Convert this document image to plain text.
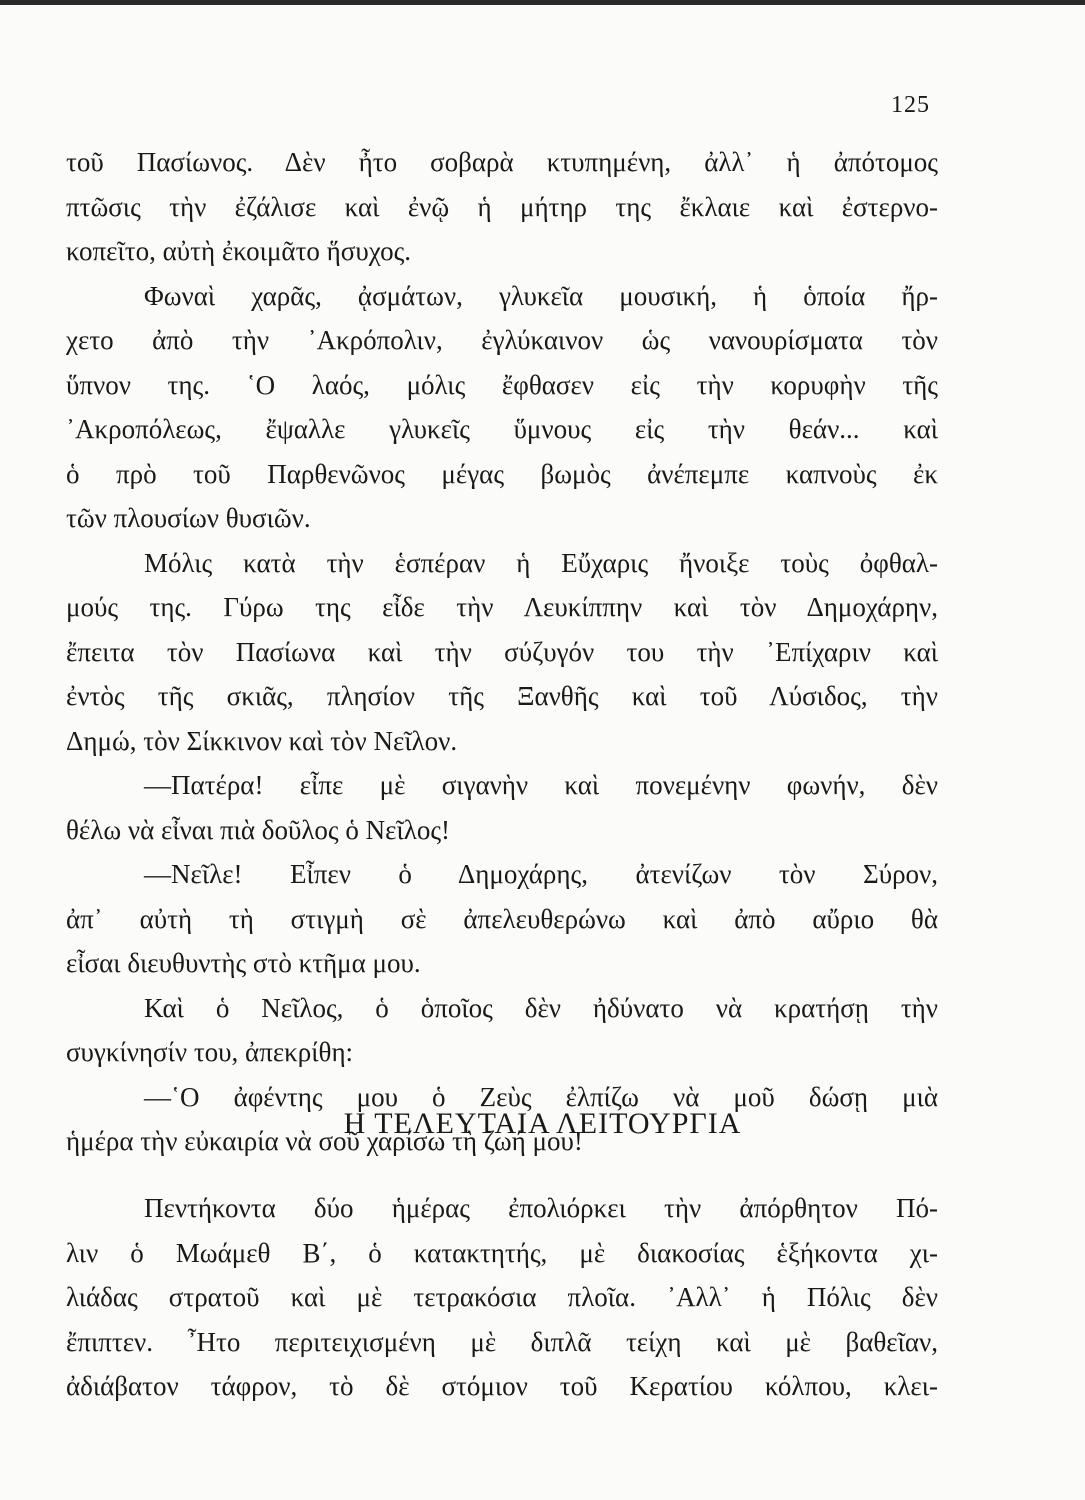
125
τοῦ Πασίωνος. Δὲν ἦτο σοβαρὰ κτυπημένη, ἀλλ᾽ ἡ ἀπότομος
πτῶσις τὴν ἐζάλισε καὶ ἐνῷ ἡ μήτηρ της ἔκλαιε καὶ ἐστερνο-
κοπεῖτο, αὐτὴ ἐκοιμᾶτο ἥσυχος.
Φωναὶ χαρᾶς, ᾀσμάτων, γλυκεῖα μουσική, ἡ ὁποία ἤρ-
χετο ἀπὸ τὴν ᾽Ακρόπολιν, ἐγλύκαινον ὡς νανουρίσματα τὸν
ὕπνον της. ῾Ο λαός, μόλις ἔφθασεν εἰς τὴν κορυφὴν τῆς
᾽Ακροπόλεως, ἔψαλλε γλυκεῖς ὕμνους εἰς τὴν θεάν... καὶ
ὁ πρὸ τοῦ Παρθενῶνος μέγας βωμὸς ἀνέπεμπε καπνοὺς ἐκ
τῶν πλουσίων θυσιῶν.
Μόλις κατὰ τὴν ἑσπέραν ἡ Εὔχαρις ἤνοιξε τοὺς ὀφθαλ-
μούς της. Γύρω της εἶδε τὴν Λευκίππην καὶ τὸν Δημοχάρην,
ἔπειτα τὸν Πασίωνα καὶ τὴν σύζυγόν του τὴν ᾽Επίχαριν καὶ
ἐντὸς τῆς σκιᾶς, πλησίον τῆς Ξανθῆς καὶ τοῦ Λύσιδος, τὴν
Δημώ, τὸν Σίκκινον καὶ τὸν Νεῖλον.
—Πατέρα! εἶπε μὲ σιγανὴν καὶ πονεμένην φωνήν, δὲν
θέλω νὰ εἶναι πιὰ δοῦλος ὁ Νεῖλος!
—Νεῖλε! Εἶπεν ὁ Δημοχάρης, ἀτενίζων τὸν Σύρον,
ἀπ᾽ αὐτὴ τὴ στιγμὴ σὲ ἀπελευθερώνω καὶ ἀπὸ αὔριο θὰ
εἶσαι διευθυντὴς στὸ κτῆμα μου.
Καὶ ὁ Νεῖλος, ὁ ὁποῖος δὲν ἠδύνατο νὰ κρατήσῃ τὴν
συγκίνησίν του, ἀπεκρίθη:
—῾Ο ἀφέντης μου ὁ Ζεὺς ἐλπίζω νὰ μοῦ δώσῃ μιὰ
ἡμέρα τὴν εὐκαιρία νὰ σοῦ χαρίσω τὴ ζωή μου!
Η ΤΕΛΕΥΤΑΙΑ ΛΕΙΤΟΥΡΓΙΑ
Πεντήκοντα δύο ἡμέρας ἐπολιόρκει τὴν ἀπόρθητον Πό-
λιν ὁ Μωάμεθ Β΄, ὁ κατακτητής, μὲ διακοσίας ἑξήκοντα χι-
λιάδας στρατοῦ καὶ μὲ τετρακόσια πλοῖα. ᾽Αλλ᾽ ἡ Πόλις δὲν
ἔπιπτεν. ῏Ητο περιτειχισμένη μὲ διπλᾶ τείχη καὶ μὲ βαθεῖαν,
ἀδιάβατον τάφρον, τὸ δὲ στόμιον τοῦ Κερατίου κόλπου, κλει-
